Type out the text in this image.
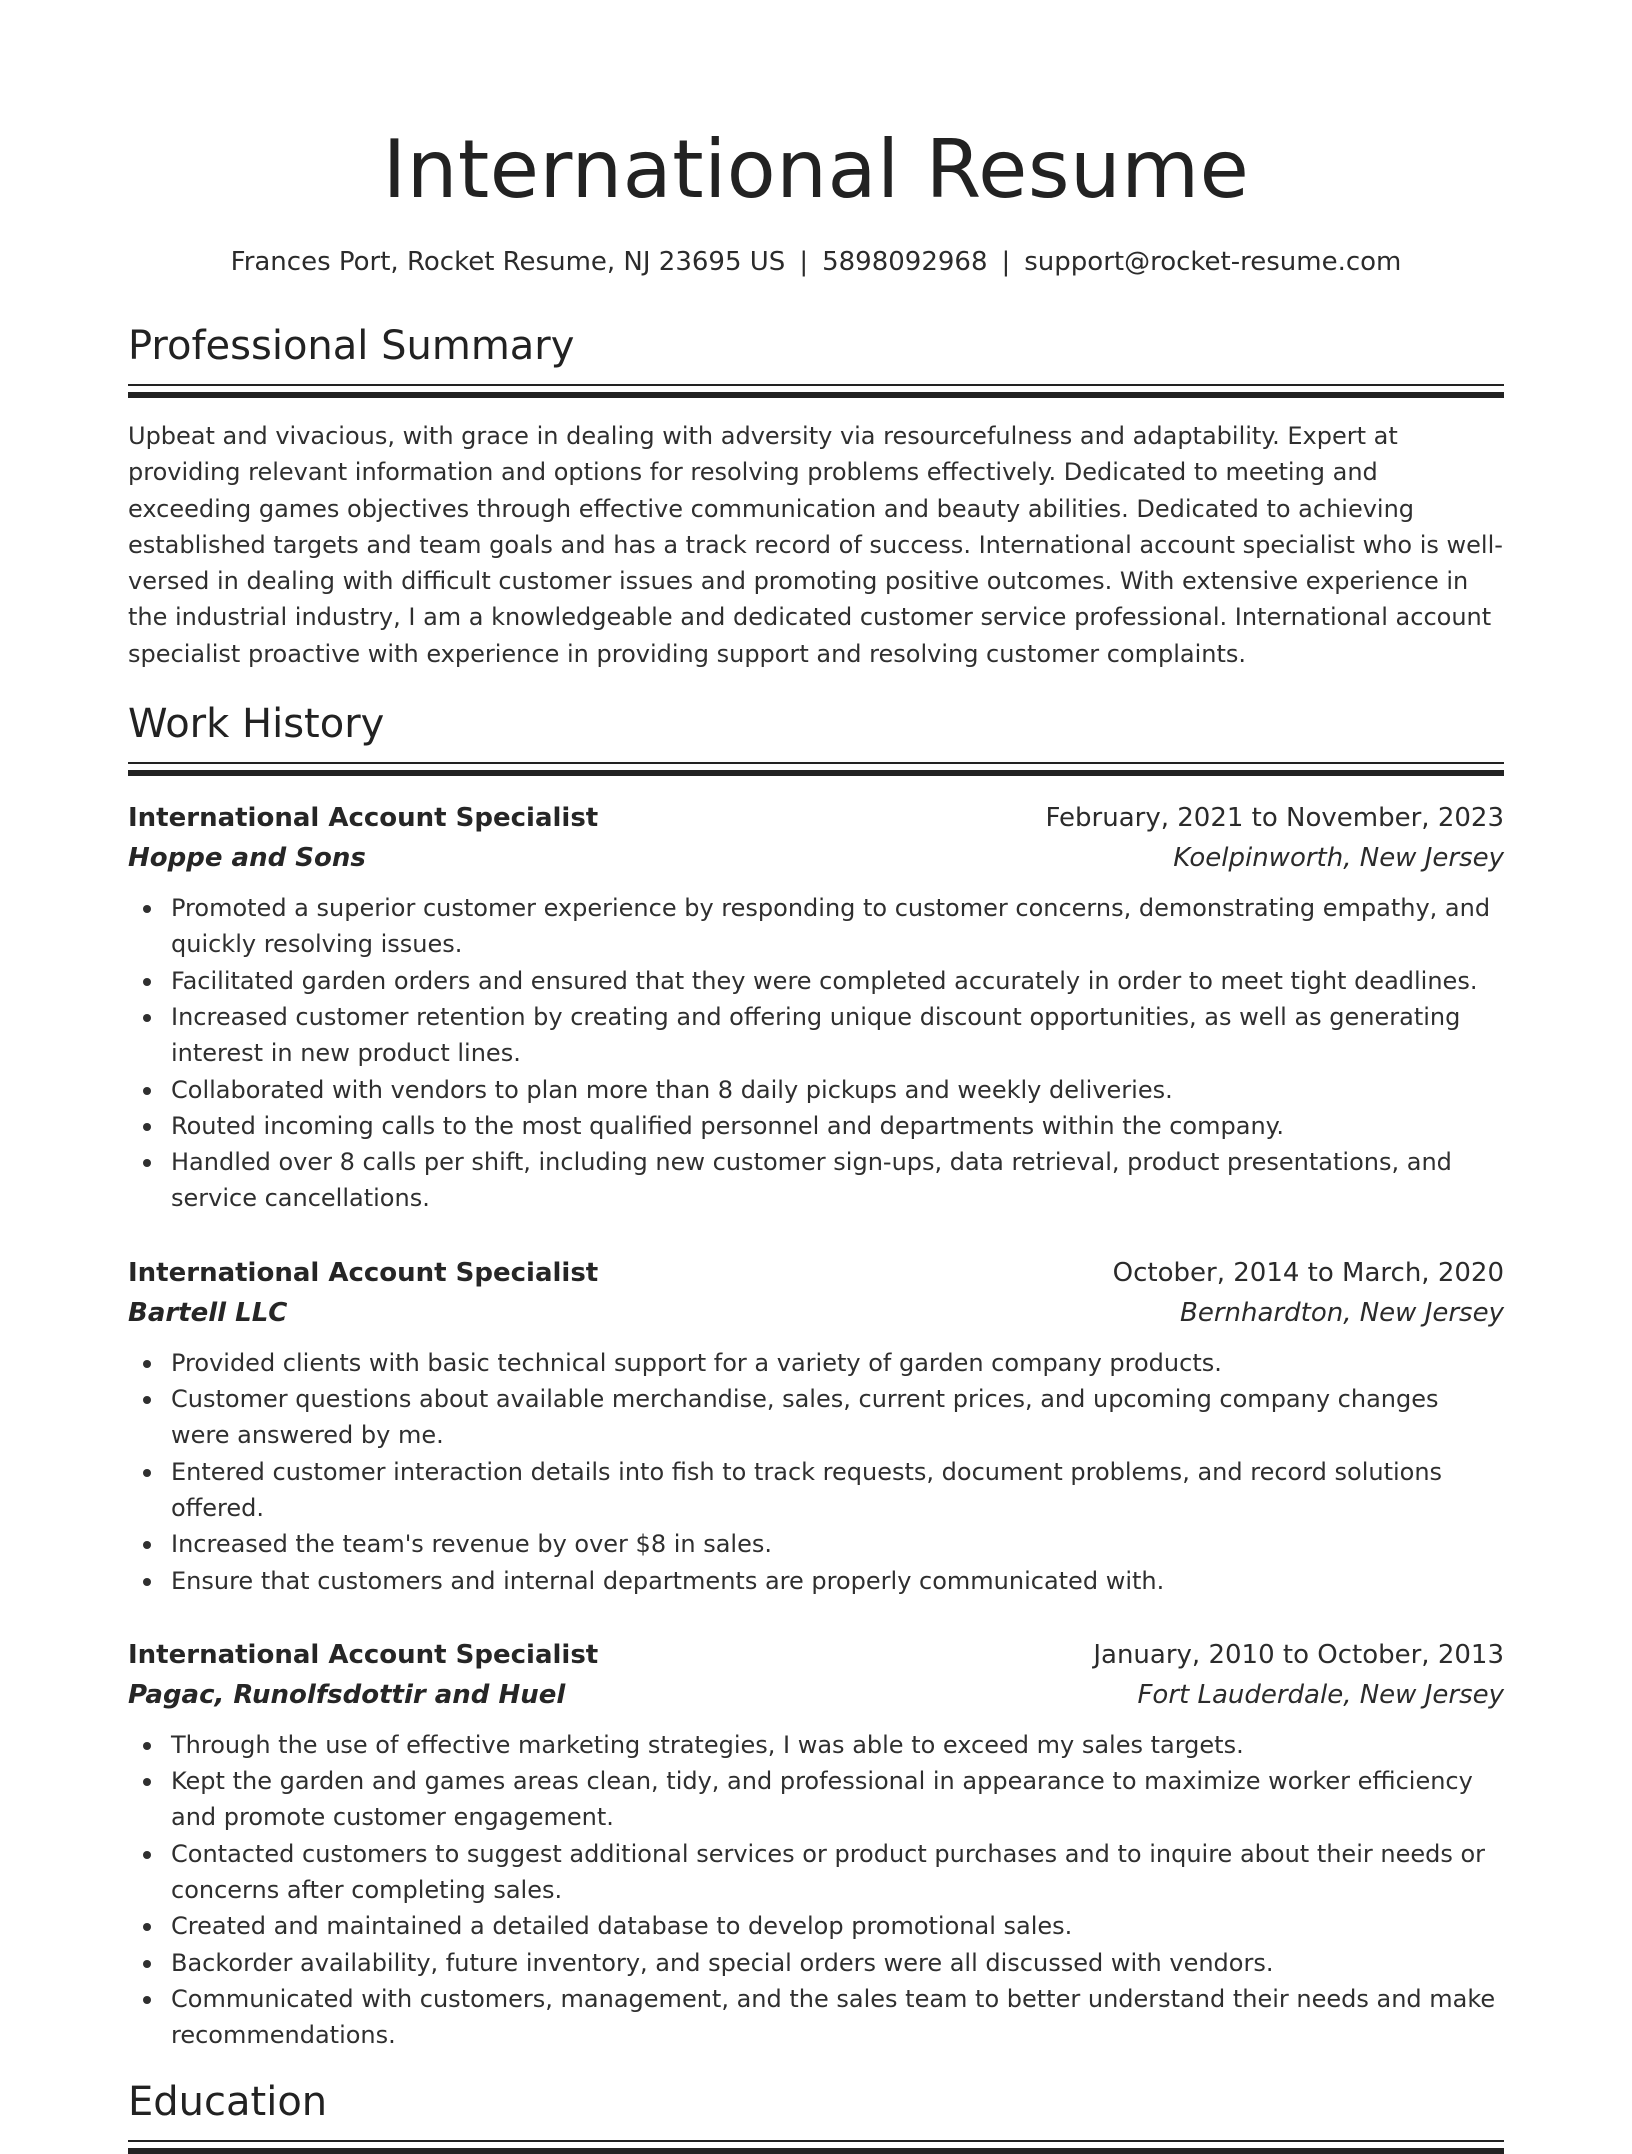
International Resume
Frances Port, Rocket Resume, NJ 23695 US | 5898092968 | support@rocket-resume.com
Professional Summary

Upbeat and vivacious, with grace in dealing with adversity via resourcefulness and adaptability. Expert at providing relevant information and options for resolving problems effectively. Dedicated to meeting and exceeding games objectives through effective communication and beauty abilities. Dedicated to achieving established targets and team goals and has a track record of success. International account specialist who is well-versed in dealing with difficult customer issues and promoting positive outcomes. With extensive experience in the industrial industry, I am a knowledgeable and dedicated customer service professional. International account specialist proactive with experience in providing support and resolving customer complaints.

Work History
International Account Specialist	February, 2021 to November, 2023
Hoppe and Sons	Koelpinworth, New Jersey
Promoted a superior customer experience by responding to customer concerns, demonstrating empathy, and quickly resolving issues.
Facilitated garden orders and ensured that they were completed accurately in order to meet tight deadlines.
Increased customer retention by creating and offering unique discount opportunities, as well as generating interest in new product lines.
Collaborated with vendors to plan more than 8 daily pickups and weekly deliveries.
Routed incoming calls to the most qualified personnel and departments within the company.
Handled over 8 calls per shift, including new customer sign-ups, data retrieval, product presentations, and service cancellations.
International Account Specialist	October, 2014 to March, 2020
Bartell LLC	Bernhardton, New Jersey
Provided clients with basic technical support for a variety of garden company products.
Customer questions about available merchandise, sales, current prices, and upcoming company changes were answered by me.
Entered customer interaction details into fish to track requests, document problems, and record solutions offered.
Increased the team's revenue by over $8 in sales.
Ensure that customers and internal departments are properly communicated with.
International Account Specialist	January, 2010 to October, 2013
Pagac, Runolfsdottir and Huel	Fort Lauderdale, New Jersey
Through the use of effective marketing strategies, I was able to exceed my sales targets.
Kept the garden and games areas clean, tidy, and professional in appearance to maximize worker efficiency and promote customer engagement.
Contacted customers to suggest additional services or product purchases and to inquire about their needs or concerns after completing sales.
Created and maintained a detailed database to develop promotional sales.
Backorder availability, future inventory, and special orders were all discussed with vendors.
Communicated with customers, management, and the sales team to better understand their needs and make recommendations.
Education
